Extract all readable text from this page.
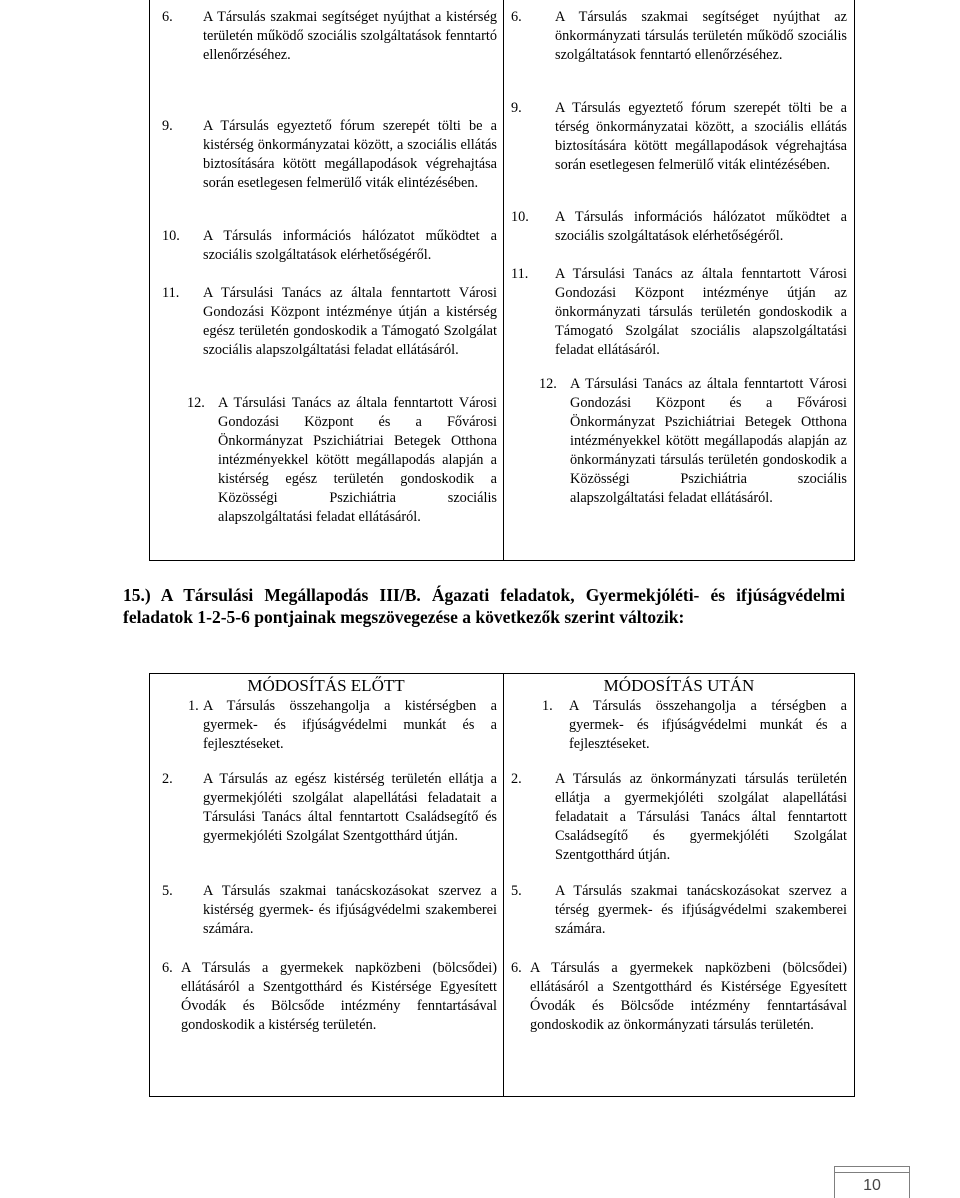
6. A Társulás szakmai segítséget nyújthat a kistérség területén működő szociális szolgáltatások fenntartó ellenőrzéséhez.
9. A Társulás egyeztető fórum szerepét tölti be a kistérség önkormányzatai között, a szociális ellátás biztosítására kötött megállapodások végrehajtása során esetlegesen felmerülő viták elintézésében.
10. A Társulás információs hálózatot működtet a szociális szolgáltatások elérhetőségéről.
11. A Társulási Tanács az általa fenntartott Városi Gondozási Központ intézménye útján a kistérség egész területén gondoskodik a Támogató Szolgálat szociális alapszolgáltatási feladat ellátásáról.
12. A Társulási Tanács az általa fenntartott Városi Gondozási Központ és a Fővárosi Önkormányzat Pszichiátriai Betegek Otthona intézményekkel kötött megállapodás alapján a kistérség egész területén gondoskodik a Közösségi Pszichiátria szociális alapszolgáltatási feladat ellátásáról.
6. A Társulás szakmai segítséget nyújthat az önkormányzati társulás területén működő szociális szolgáltatások fenntartó ellenőrzéséhez.
9. A Társulás egyeztető fórum szerepét tölti be a térség önkormányzatai között, a szociális ellátás biztosítására kötött megállapodások végrehajtása során esetlegesen felmerülő viták elintézésében.
10. A Társulás információs hálózatot működtet a szociális szolgáltatások elérhetőségéről.
11. A Társulási Tanács az általa fenntartott Városi Gondozási Központ intézménye útján az önkormányzati társulás területén gondoskodik a Támogató Szolgálat szociális alapszolgáltatási feladat ellátásáról.
12. A Társulási Tanács az általa fenntartott Városi Gondozási Központ és a Fővárosi Önkormányzat Pszichiátriai Betegek Otthona intézményekkel kötött megállapodás alapján az önkormányzati társulás területén gondoskodik a Közösségi Pszichiátria szociális alapszolgáltatási feladat ellátásáról.
15.) A Társulási Megállapodás III/B. Ágazati feladatok, Gyermekjóléti- és ifjúságvédelmi feladatok 1-2-5-6 pontjainak megszövegezése a következők szerint változik:
MÓDOSÍTÁS ELŐTT	MÓDOSÍTÁS UTÁN
1. A Társulás összehangolja a kistérségben a gyermek- és ifjúságvédelmi munkát és a fejlesztéseket.
2. A Társulás az egész kistérség területén ellátja a gyermekjóléti szolgálat alapellátási feladatait a Társulási Tanács által fenntartott Családsegítő és gyermekjóléti Szolgálat Szentgotthárd útján.
5. A Társulás szakmai tanácskozásokat szervez a kistérség gyermek- és ifjúságvédelmi szakemberei számára.
6. A Társulás a gyermekek napközbeni (bölcsődei) ellátásáról a Szentgotthárd és Kistérsége Egyesített Óvodák és Bölcsőde intézmény fenntartásával gondoskodik a kistérség területén.
1. A Társulás összehangolja a térségben a gyermek- és ifjúságvédelmi munkát és a fejlesztéseket.
2. A Társulás az önkormányzati társulás területén ellátja a gyermekjóléti szolgálat alapellátási feladatait a Társulási Tanács által fenntartott Családsegítő és gyermekjóléti Szolgálat Szentgotthárd útján.
5. A Társulás szakmai tanácskozásokat szervez a térség gyermek- és ifjúságvédelmi szakemberei számára.
6. A Társulás a gyermekek napközbeni (bölcsődei) ellátásáról a Szentgotthárd és Kistérsége Egyesített Óvodák és Bölcsőde intézmény fenntartásával gondoskodik az önkormányzati társulás területén.
10
